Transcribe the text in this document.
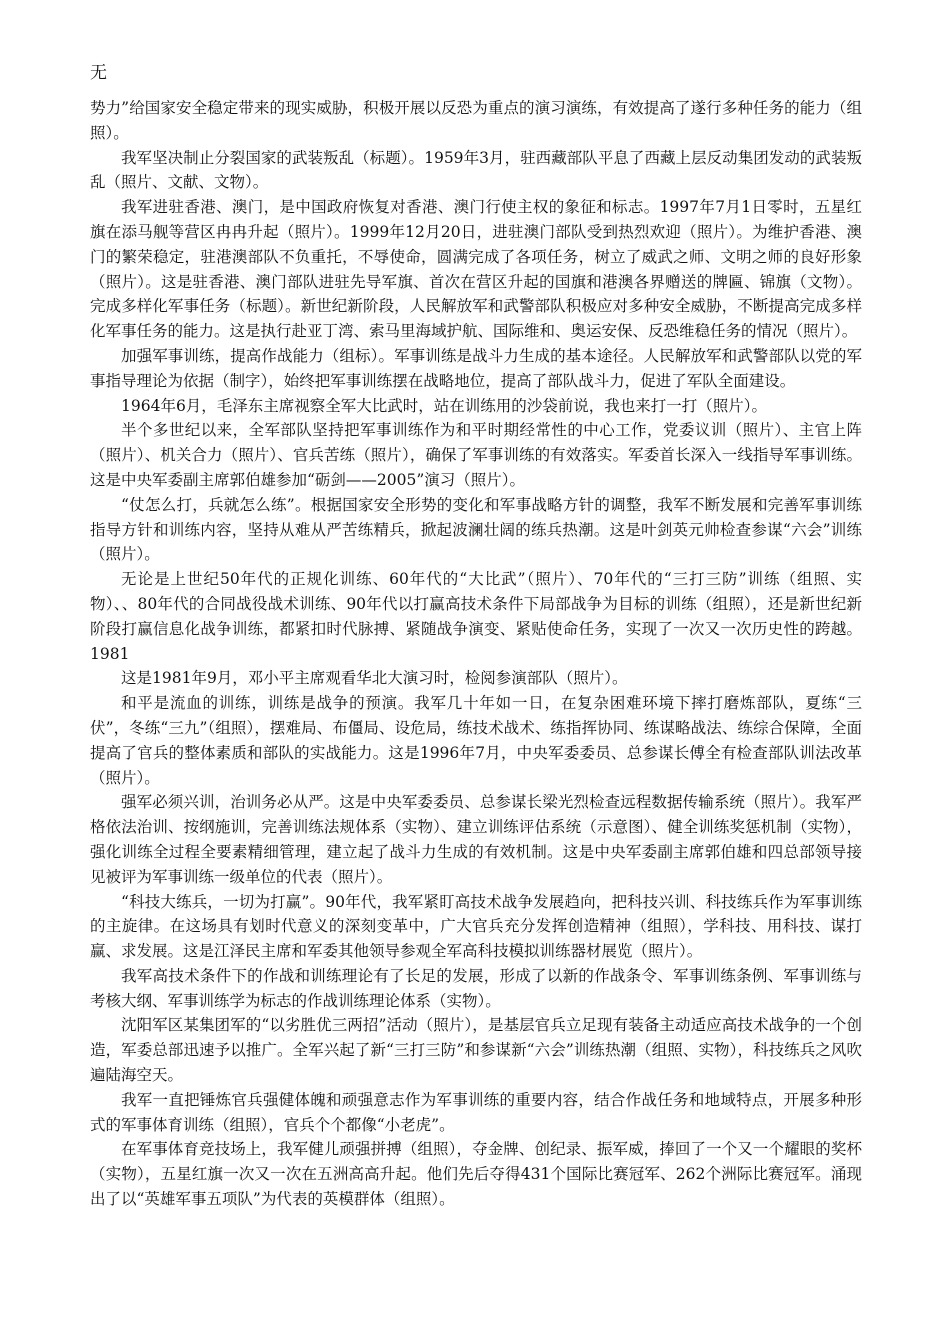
无

势力”给国家安全稳定带来的现实威胁，积极开展以反恐为重点的演习演练，有效提高了遂行多种任务的能力（组照）。

我军坚决制止分裂国家的武装叛乱（标题）。1959年3月，驻西藏部队平息了西藏上层反动集团发动的武装叛乱（照片、文献、文物）。

我军进驻香港、澳门，是中国政府恢复对香港、澳门行使主权的象征和标志。1997年7月1日零时，五星红旗在添马舰等营区冉冉升起（照片）。1999年12月20日，进驻澳门部队受到热烈欢迎（照片）。为维护香港、澳门的繁荣稳定，驻港澳部队不负重托，不辱使命，圆满完成了各项任务，树立了威武之师、文明之师的良好形象（照片）。这是驻香港、澳门部队进驻先导军旗、首次在营区升起的国旗和港澳各界赠送的牌匾、锦旗（文物）。完成多样化军事任务（标题）。新世纪新阶段，人民解放军和武警部队积极应对多种安全威胁，不断提高完成多样化军事任务的能力。这是执行赴亚丁湾、索马里海域护航、国际维和、奥运安保、反恐维稳任务的情况（照片）。

加强军事训练，提高作战能力（组标）。军事训练是战斗力生成的基本途径。人民解放军和武警部队以党的军事指导理论为依据（制字），始终把军事训练摆在战略地位，提高了部队战斗力，促进了军队全面建设。

1964年6月，毛泽东主席视察全军大比武时，站在训练用的沙袋前说，我也来打一打（照片）。

半个多世纪以来，全军部队坚持把军事训练作为和平时期经常性的中心工作，党委议训（照片）、主官上阵（照片）、机关合力（照片）、官兵苦练（照片），确保了军事训练的有效落实。军委首长深入一线指导军事训练。这是中央军委副主席郭伯雄参加“砺剑——2005”演习（照片）。

“仗怎么打，兵就怎么练”。根据国家安全形势的变化和军事战略方针的调整，我军不断发展和完善军事训练指导方针和训练内容，坚持从难从严苦练精兵，掀起波澜壮阔的练兵热潮。这是叶剑英元帅检查参谋“六会”训练（照片）。

无论是上世纪50年代的正规化训练、60年代的“大比武”（照片）、70年代的“三打三防”训练（组照、实物）、、80年代的合同战役战术训练、90年代以打赢高技术条件下局部战争为目标的训练（组照），还是新世纪新阶段打赢信息化战争训练，都紧扣时代脉搏、紧随战争演变、紧贴使命任务，实现了一次又一次历史性的跨越。1981

这是1981年9月，邓小平主席观看华北大演习时，检阅参演部队（照片）。

和平是流血的训练，训练是战争的预演。我军几十年如一日，在复杂困难环境下摔打磨炼部队，夏练“三伏”，冬练“三九”（组照），摆难局、布僵局、设危局，练技术战术、练指挥协同、练谋略战法、练综合保障，全面提高了官兵的整体素质和部队的实战能力。这是1996年7月，中央军委委员、总参谋长傅全有检查部队训法改革（照片）。

强军必须兴训，治训务必从严。这是中央军委委员、总参谋长梁光烈检查远程数据传输系统（照片）。我军严格依法治训、按纲施训，完善训练法规体系（实物）、建立训练评估系统（示意图）、健全训练奖惩机制（实物），强化训练全过程全要素精细管理，建立起了战斗力生成的有效机制。这是中央军委副主席郭伯雄和四总部领导接见被评为军事训练一级单位的代表（照片）。

“科技大练兵，一切为打赢”。90年代，我军紧盯高技术战争发展趋向，把科技兴训、科技练兵作为军事训练的主旋律。在这场具有划时代意义的深刻变革中，广大官兵充分发挥创造精神（组照），学科技、用科技、谋打赢、求发展。这是江泽民主席和军委其他领导参观全军高科技模拟训练器材展览（照片）。

我军高技术条件下的作战和训练理论有了长足的发展，形成了以新的作战条令、军事训练条例、军事训练与考核大纲、军事训练学为标志的作战训练理论体系（实物）。

沈阳军区某集团军的“以劣胜优三两招”活动（照片），是基层官兵立足现有装备主动适应高技术战争的一个创造，军委总部迅速予以推广。全军兴起了新“三打三防”和参谋新“六会”训练热潮（组照、实物），科技练兵之风吹遍陆海空天。

我军一直把锤炼官兵强健体魄和顽强意志作为军事训练的重要内容，结合作战任务和地域特点，开展多种形式的军事体育训练（组照），官兵个个都像“小老虎”。

在军事体育竞技场上，我军健儿顽强拼搏（组照），夺金牌、创纪录、振军威，捧回了一个又一个耀眼的奖杯（实物），五星红旗一次又一次在五洲高高升起。他们先后夺得431个国际比赛冠军、262个洲际比赛冠军。涌现出了以“英雄军事五项队”为代表的英模群体（组照）。
